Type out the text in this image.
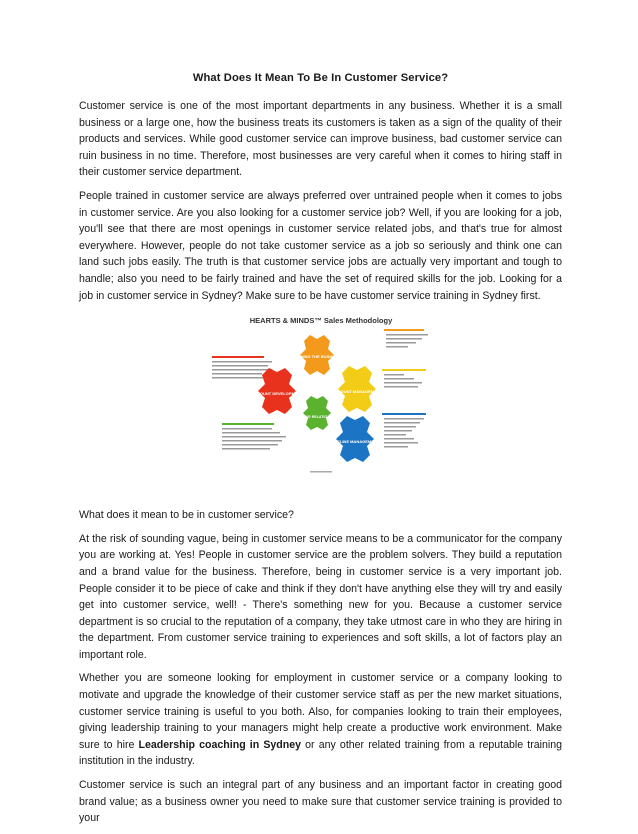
What Does It Mean To Be In Customer Service?

Customer service is one of the most important departments in any business. Whether it is a small business or a large one, how the business treats its customers is taken as a sign of the quality of their products and services. While good customer service can improve business, bad customer service can ruin business in no time. Therefore, most businesses are very careful when it comes to hiring staff in their customer service department.

People trained in customer service are always preferred over untrained people when it comes to jobs in customer service. Are you also looking for a customer service job? Well, if you are looking for a job, you'll see that there are most openings in customer service related jobs, and that's true for almost everywhere. However, people do not take customer service as a job so seriously and think one can land such jobs easily. The truth is that customer service jobs are actually very important and tough to handle; also you need to be fairly trained and have the set of required skills for the job. Looking for a job in customer service in Sydney? Make sure to be have customer service training in Sydney first.

HEARTS & MINDS™ Sales Methodology
WINNING THE BUSINESS
ACCOUNT DEVELOPMENT	ACCOUNT MANAGEMENT
BUILDING RELATIONSHIPS
PIPELINE MANAGEMENT

What does it mean to be in customer service?

At the risk of sounding vague, being in customer service means to be a communicator for the company you are working at. Yes! People in customer service are the problem solvers. They build a reputation and a brand value for the business. Therefore, being in customer service is a very important job. People consider it to be piece of cake and think if they don't have anything else they will try and easily get into customer service, well! - There's something new for you. Because a customer service department is so crucial to the reputation of a company, they take utmost care in who they are hiring in the department. From customer service training to experiences and soft skills, a lot of factors play an important role.

Whether you are someone looking for employment in customer service or a company looking to motivate and upgrade the knowledge of their customer service staff as per the new market situations, customer service training is useful to you both. Also, for companies looking to train their employees, giving leadership training to your managers might help create a productive work environment. Make sure to hire Leadership coaching in Sydney or any other related training from a reputable training institution in the industry.

Customer service is such an integral part of any business and an important factor in creating good brand value; as a business owner you need to make sure that customer service training is provided to your
